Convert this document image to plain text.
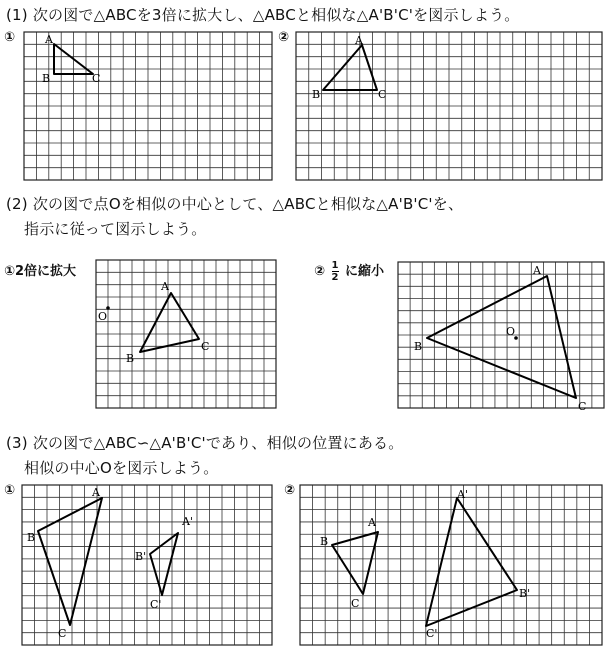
(1) 次の図で△ABCを3倍に拡大し、△ABCと相似な△A'B'C'を図示しよう。
①	②
(2) 次の図で点Oを相似の中心として、△ABCと相似な△A'B'C'を、
指示に従って図示しよう。
①2倍に拡大	② $\frac{1}{2}$ に縮小
(3) 次の図で△ABC∽△A'B'C'であり、相似の位置にある。
相似の中心Oを図示しよう。
①	②
A
B	C
A
B	C
A
B
C
O
A
B
C
O
A
B
C
A'
B'
C'
A
B
C
A'
B'
C'
